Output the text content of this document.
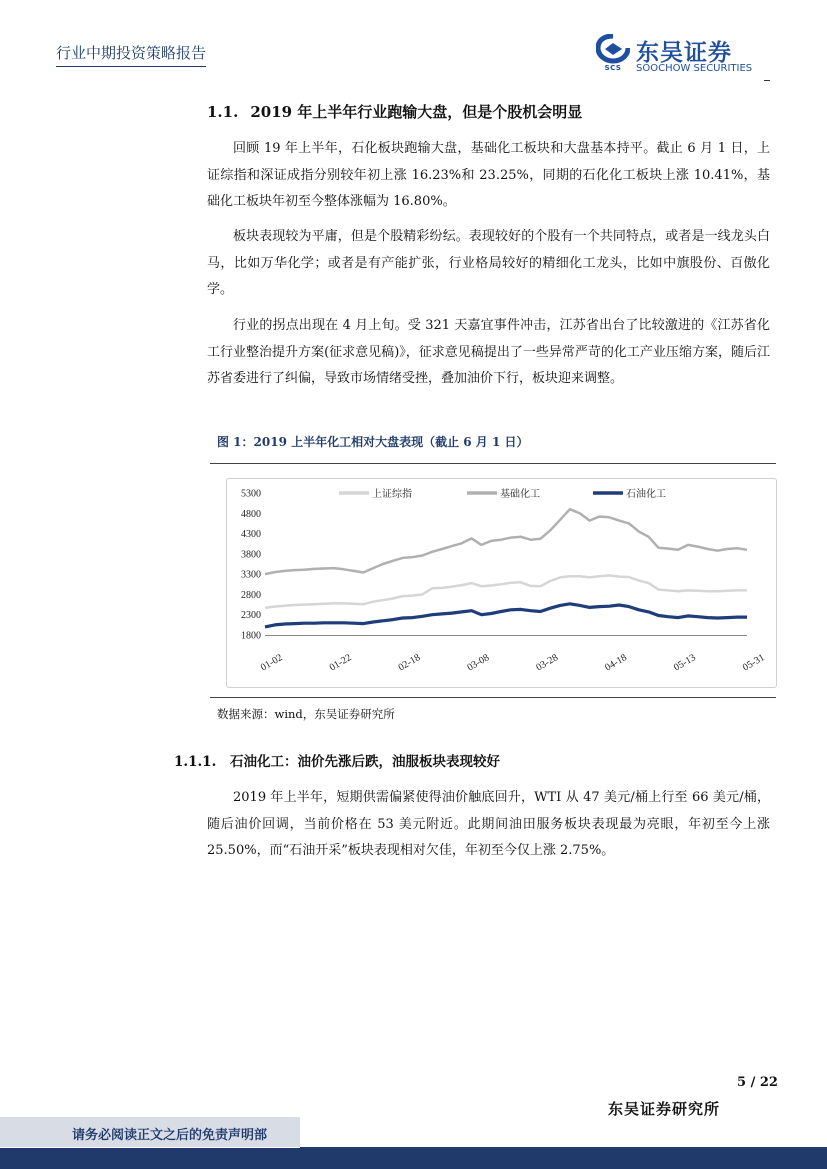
行业中期投资策略报告
SCS
东吴证券
SOOCHOW SECURITIES
1.1. 2019 年上半年行业跑输大盘，但是个股机会明显

回顾 19 年上半年，石化板块跑输大盘，基础化工板块和大盘基本持平。截止 6 月 1 日，上证综指和深证成指分别较年初上涨 16.23%和 23.25%，同期的石化化工板块上涨 10.41%，基础化工板块年初至今整体涨幅为 16.80%。

板块表现较为平庸，但是个股精彩纷纭。表现较好的个股有一个共同特点，或者是一线龙头白马，比如万华化学；或者是有产能扩张，行业格局较好的精细化工龙头，比如中旗股份、百傲化学。

行业的拐点出现在 4 月上旬。受 321 天嘉宜事件冲击，江苏省出台了比较激进的《江苏省化工行业整治提升方案(征求意见稿)》，征求意见稿提出了一些异常严苛的化工产业压缩方案，随后江苏省委进行了纠偏，导致市场情绪受挫，叠加油价下行，板块迎来调整。

图 1：2019 上半年化工相对大盘表现（截止 6 月 1 日）
1800
2300
2800
3300
3800
4300
4800
5300
01-02	01-22	02-18	03-08	03-28	04-18	05-13	05-31
上证综指	基础化工	石油化工
数据来源：wind，东吴证券研究所
1.1.1. 石油化工：油价先涨后跌，油服板块表现较好

2019 年上半年，短期供需偏紧使得油价触底回升，WTI 从 47 美元/桶上行至 66 美元/桶，随后油价回调，当前价格在 53 美元附近。此期间油田服务板块表现最为亮眼，年初至今上涨 25.50%，而“石油开采”板块表现相对欠佳，年初至今仅上涨 2.75%。

5 / 22
东吴证券研究所
请务必阅读正文之后的免责声明部
